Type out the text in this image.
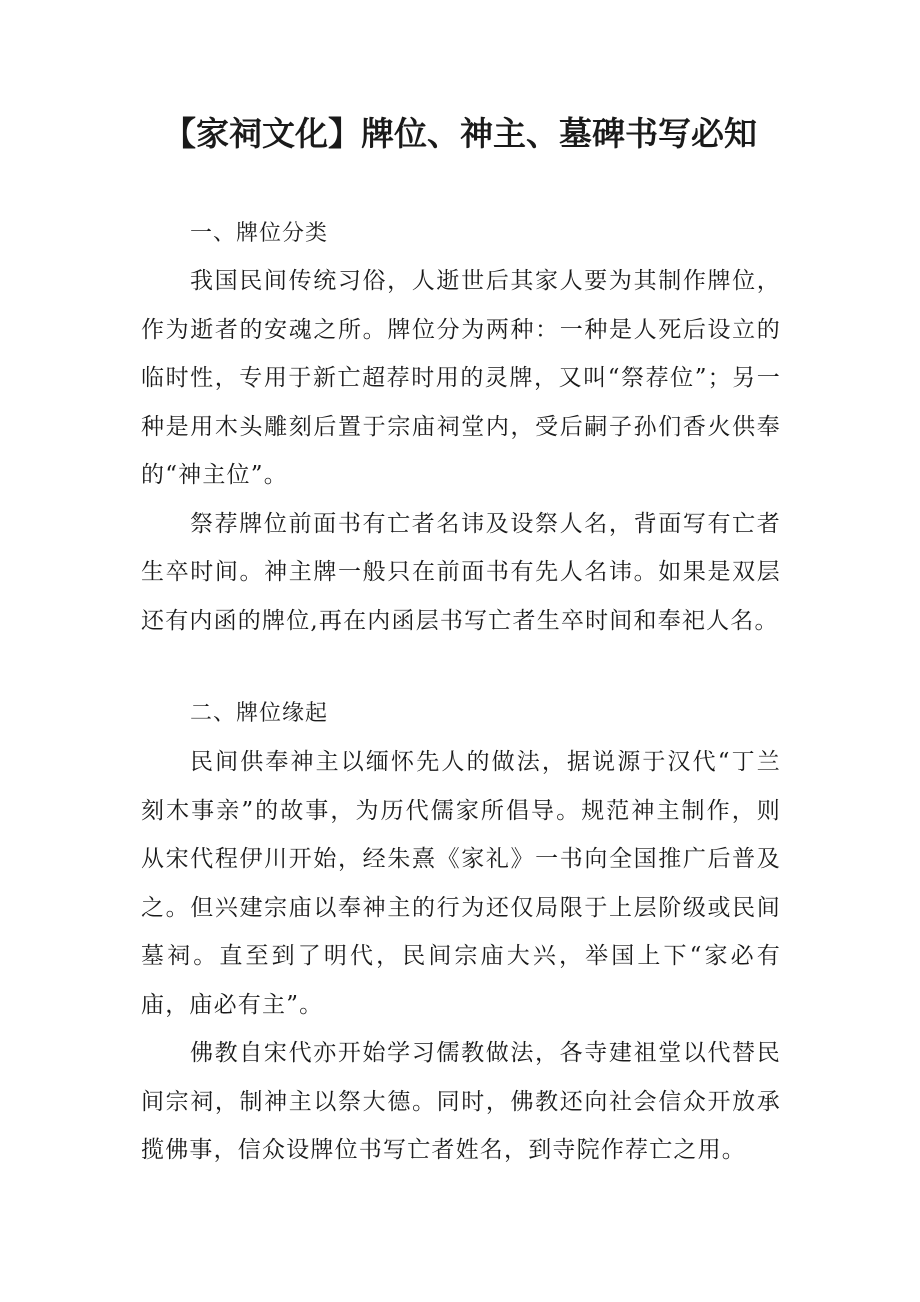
【家祠文化】牌位、神主、墓碑书写必知
一、牌位分类

我国民间传统习俗，人逝世后其家人要为其制作牌位，作为逝者的安魂之所。牌位分为两种：一种是人死后设立的临时性，专用于新亡超荐时用的灵牌，又叫“祭荐位”；另一种是用木头雕刻后置于宗庙祠堂内，受后嗣子孙们香火供奉的“神主位”。

祭荐牌位前面书有亡者名讳及设祭人名，背面写有亡者生卒时间。神主牌一般只在前面书有先人名讳。如果是双层还有内函的牌位,再在内函层书写亡者生卒时间和奉祀人名。

二、牌位缘起

民间供奉神主以缅怀先人的做法，据说源于汉代“丁兰刻木事亲”的故事，为历代儒家所倡导。规范神主制作，则从宋代程伊川开始，经朱熹《家礼》一书向全国推广后普及之。但兴建宗庙以奉神主的行为还仅局限于上层阶级或民间墓祠。直至到了明代，民间宗庙大兴，举国上下“家必有庙，庙必有主”。

佛教自宋代亦开始学习儒教做法，各寺建祖堂以代替民间宗祠，制神主以祭大德。同时，佛教还向社会信众开放承揽佛事，信众设牌位书写亡者姓名，到寺院作荐亡之用。
